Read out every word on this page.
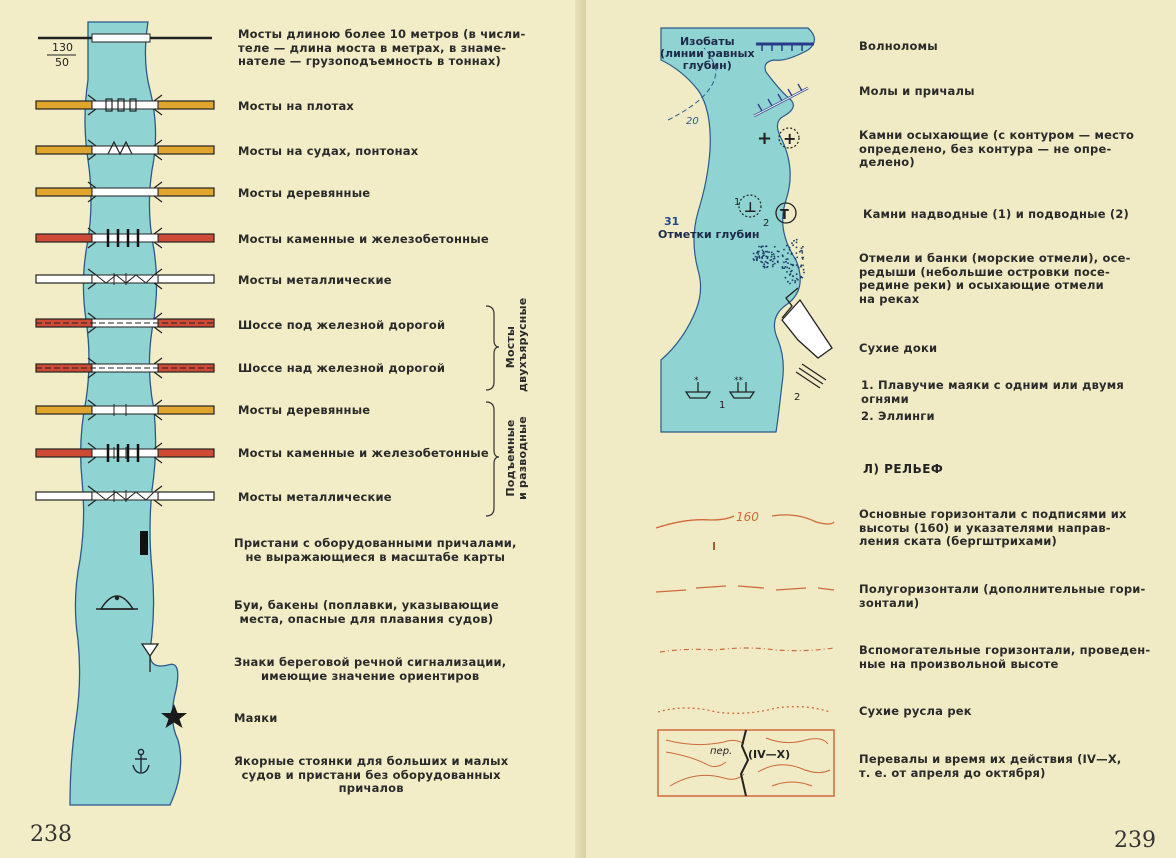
130
50
Мосты длиною более 10 метров (в числи-
теле — длина моста в метрах, в знаме-
нателе — грузоподъемность в тоннах)
Мосты на плотах
Мосты на судах, понтонах
Мосты деревянные
Мосты каменные и железобетонные
Мосты металлические
Шоссе под железной дорогой
Шоссе над железной дорогой
Мосты деревянные
Мосты каменные и железобетонные
Мосты металлические
Пристани с оборудованными причалами,
не выражающиеся в масштабе карты
Буи, бакены (поплавки, указывающие
места, опасные для плавания судов)
Знаки береговой речной сигнализации,
имеющие значение ориентиров
Маяки
Якорные стоянки для больших и малых
судов и пристани без оборудованных
причалов
Мосты
двухъярусные
Подъемные
и разводные
238
20
+ +
⊥ T
1
2
*	**
1
2
160
пер. (IV—X)
Изобаты
(линии равных
глубин)
31
Отметки глубин
Волноломы
Молы и причалы
Камни осыхающие (с контуром — место
определено, без контура — не опре-
делено)
Камни надводные (1) и подводные (2)
Отмели и банки (морские отмели), осе-
редыши (небольшие островки посе-
редине реки) и осыхающие отмели
на реках
Сухие доки
1. Плавучие маяки с одним или двумя
огнями
2. Эллинги
Л) РЕЛЬЕФ
Основные горизонтали с подписями их
высоты (160) и указателями направ-
ления ската (бергштрихами)
Полугоризонтали (дополнительные гори-
зонтали)
Вспомогательные горизонтали, проведен-
ные на произвольной высоте
Сухие русла рек
Перевалы и время их действия (IV—X,
т. е. от апреля до октября)
239
